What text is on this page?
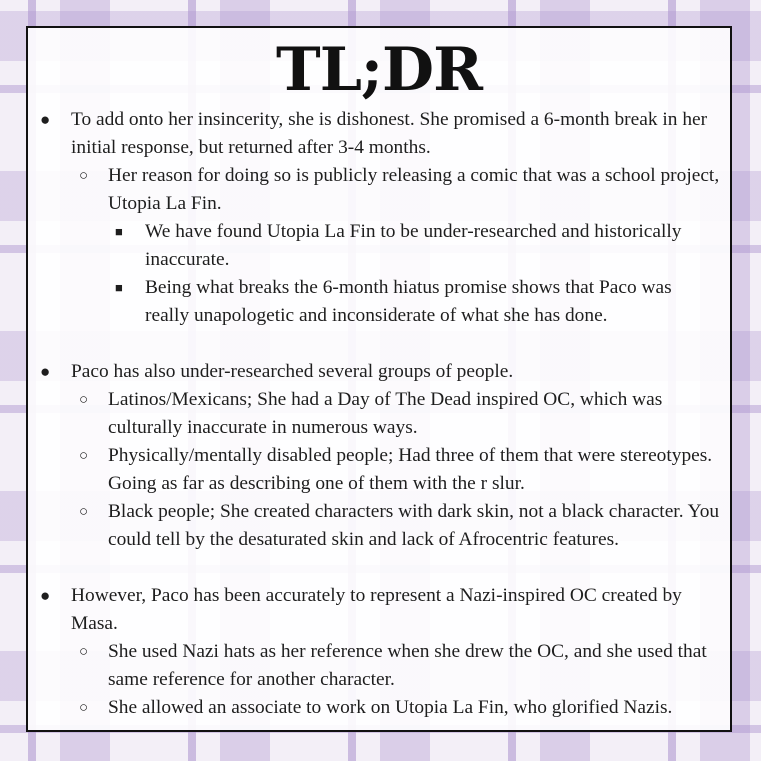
TL;DR
● To add onto her insincerity, she is dishonest. She promised a 6-month break in her initial response, but returned after 3-4 months.
○ Her reason for doing so is publicly releasing a comic that was a school project, Utopia La Fin.
■ We have found Utopia La Fin to be under-researched and historically inaccurate.
■ Being what breaks the 6-month hiatus promise shows that Paco was really unapologetic and inconsiderate of what she has done.
● Paco has also under-researched several groups of people.
○ Latinos/Mexicans; She had a Day of The Dead inspired OC, which was culturally inaccurate in numerous ways.
○ Physically/mentally disabled people; Had three of them that were stereotypes. Going as far as describing one of them with the r slur.
○ Black people; She created characters with dark skin, not a black character. You could tell by the desaturated skin and lack of Afrocentric features.
● However, Paco has been accurately to represent a Nazi-inspired OC created by Masa.
○ She used Nazi hats as her reference when she drew the OC, and she used that same reference for another character.
○ She allowed an associate to work on Utopia La Fin, who glorified Nazis.
